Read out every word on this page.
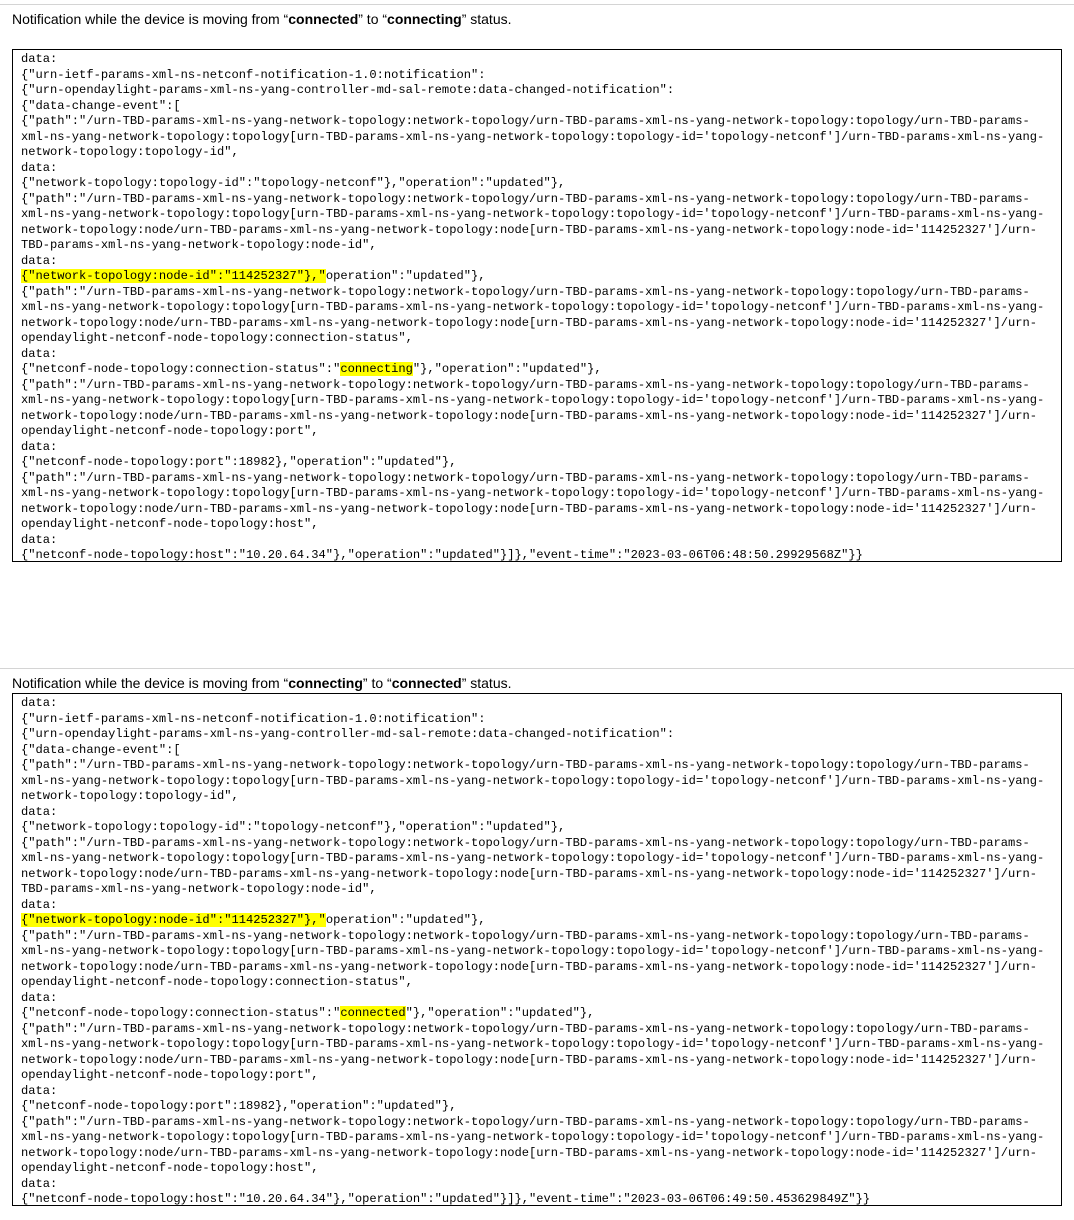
Notification while the device is moving from “connected” to “connecting” status.
data:
{"urn-ietf-params-xml-ns-netconf-notification-1.0:notification":
{"urn-opendaylight-params-xml-ns-yang-controller-md-sal-remote:data-changed-notification":
{"data-change-event":[
{"path":"/urn-TBD-params-xml-ns-yang-network-topology:network-topology/urn-TBD-params-xml-ns-yang-network-topology:topology/urn-TBD-params-
xml-ns-yang-network-topology:topology[urn-TBD-params-xml-ns-yang-network-topology:topology-id='topology-netconf']/urn-TBD-params-xml-ns-yang-
network-topology:topology-id",
data:
{"network-topology:topology-id":"topology-netconf"},"operation":"updated"},
{"path":"/urn-TBD-params-xml-ns-yang-network-topology:network-topology/urn-TBD-params-xml-ns-yang-network-topology:topology/urn-TBD-params-
xml-ns-yang-network-topology:topology[urn-TBD-params-xml-ns-yang-network-topology:topology-id='topology-netconf']/urn-TBD-params-xml-ns-yang-
network-topology:node/urn-TBD-params-xml-ns-yang-network-topology:node[urn-TBD-params-xml-ns-yang-network-topology:node-id='114252327']/urn-
TBD-params-xml-ns-yang-network-topology:node-id",
data:
{"network-topology:node-id":"114252327"},"operation":"updated"},
{"path":"/urn-TBD-params-xml-ns-yang-network-topology:network-topology/urn-TBD-params-xml-ns-yang-network-topology:topology/urn-TBD-params-
xml-ns-yang-network-topology:topology[urn-TBD-params-xml-ns-yang-network-topology:topology-id='topology-netconf']/urn-TBD-params-xml-ns-yang-
network-topology:node/urn-TBD-params-xml-ns-yang-network-topology:node[urn-TBD-params-xml-ns-yang-network-topology:node-id='114252327']/urn-
opendaylight-netconf-node-topology:connection-status",
data:
{"netconf-node-topology:connection-status":"connecting"},"operation":"updated"},
{"path":"/urn-TBD-params-xml-ns-yang-network-topology:network-topology/urn-TBD-params-xml-ns-yang-network-topology:topology/urn-TBD-params-
xml-ns-yang-network-topology:topology[urn-TBD-params-xml-ns-yang-network-topology:topology-id='topology-netconf']/urn-TBD-params-xml-ns-yang-
network-topology:node/urn-TBD-params-xml-ns-yang-network-topology:node[urn-TBD-params-xml-ns-yang-network-topology:node-id='114252327']/urn-
opendaylight-netconf-node-topology:port",
data:
{"netconf-node-topology:port":18982},"operation":"updated"},
{"path":"/urn-TBD-params-xml-ns-yang-network-topology:network-topology/urn-TBD-params-xml-ns-yang-network-topology:topology/urn-TBD-params-
xml-ns-yang-network-topology:topology[urn-TBD-params-xml-ns-yang-network-topology:topology-id='topology-netconf']/urn-TBD-params-xml-ns-yang-
network-topology:node/urn-TBD-params-xml-ns-yang-network-topology:node[urn-TBD-params-xml-ns-yang-network-topology:node-id='114252327']/urn-
opendaylight-netconf-node-topology:host",
data:
{"netconf-node-topology:host":"10.20.64.34"},"operation":"updated"}]},"event-time":"2023-03-06T06:48:50.29929568Z"}}
Notification while the device is moving from “connecting” to “connected” status.
data:
{"urn-ietf-params-xml-ns-netconf-notification-1.0:notification":
{"urn-opendaylight-params-xml-ns-yang-controller-md-sal-remote:data-changed-notification":
{"data-change-event":[
{"path":"/urn-TBD-params-xml-ns-yang-network-topology:network-topology/urn-TBD-params-xml-ns-yang-network-topology:topology/urn-TBD-params-
xml-ns-yang-network-topology:topology[urn-TBD-params-xml-ns-yang-network-topology:topology-id='topology-netconf']/urn-TBD-params-xml-ns-yang-
network-topology:topology-id",
data:
{"network-topology:topology-id":"topology-netconf"},"operation":"updated"},
{"path":"/urn-TBD-params-xml-ns-yang-network-topology:network-topology/urn-TBD-params-xml-ns-yang-network-topology:topology/urn-TBD-params-
xml-ns-yang-network-topology:topology[urn-TBD-params-xml-ns-yang-network-topology:topology-id='topology-netconf']/urn-TBD-params-xml-ns-yang-
network-topology:node/urn-TBD-params-xml-ns-yang-network-topology:node[urn-TBD-params-xml-ns-yang-network-topology:node-id='114252327']/urn-
TBD-params-xml-ns-yang-network-topology:node-id",
data:
{"network-topology:node-id":"114252327"},"operation":"updated"},
{"path":"/urn-TBD-params-xml-ns-yang-network-topology:network-topology/urn-TBD-params-xml-ns-yang-network-topology:topology/urn-TBD-params-
xml-ns-yang-network-topology:topology[urn-TBD-params-xml-ns-yang-network-topology:topology-id='topology-netconf']/urn-TBD-params-xml-ns-yang-
network-topology:node/urn-TBD-params-xml-ns-yang-network-topology:node[urn-TBD-params-xml-ns-yang-network-topology:node-id='114252327']/urn-
opendaylight-netconf-node-topology:connection-status",
data:
{"netconf-node-topology:connection-status":"connected"},"operation":"updated"},
{"path":"/urn-TBD-params-xml-ns-yang-network-topology:network-topology/urn-TBD-params-xml-ns-yang-network-topology:topology/urn-TBD-params-
xml-ns-yang-network-topology:topology[urn-TBD-params-xml-ns-yang-network-topology:topology-id='topology-netconf']/urn-TBD-params-xml-ns-yang-
network-topology:node/urn-TBD-params-xml-ns-yang-network-topology:node[urn-TBD-params-xml-ns-yang-network-topology:node-id='114252327']/urn-
opendaylight-netconf-node-topology:port",
data:
{"netconf-node-topology:port":18982},"operation":"updated"},
{"path":"/urn-TBD-params-xml-ns-yang-network-topology:network-topology/urn-TBD-params-xml-ns-yang-network-topology:topology/urn-TBD-params-
xml-ns-yang-network-topology:topology[urn-TBD-params-xml-ns-yang-network-topology:topology-id='topology-netconf']/urn-TBD-params-xml-ns-yang-
network-topology:node/urn-TBD-params-xml-ns-yang-network-topology:node[urn-TBD-params-xml-ns-yang-network-topology:node-id='114252327']/urn-
opendaylight-netconf-node-topology:host",
data:
{"netconf-node-topology:host":"10.20.64.34"},"operation":"updated"}]},"event-time":"2023-03-06T06:49:50.453629849Z"}}
